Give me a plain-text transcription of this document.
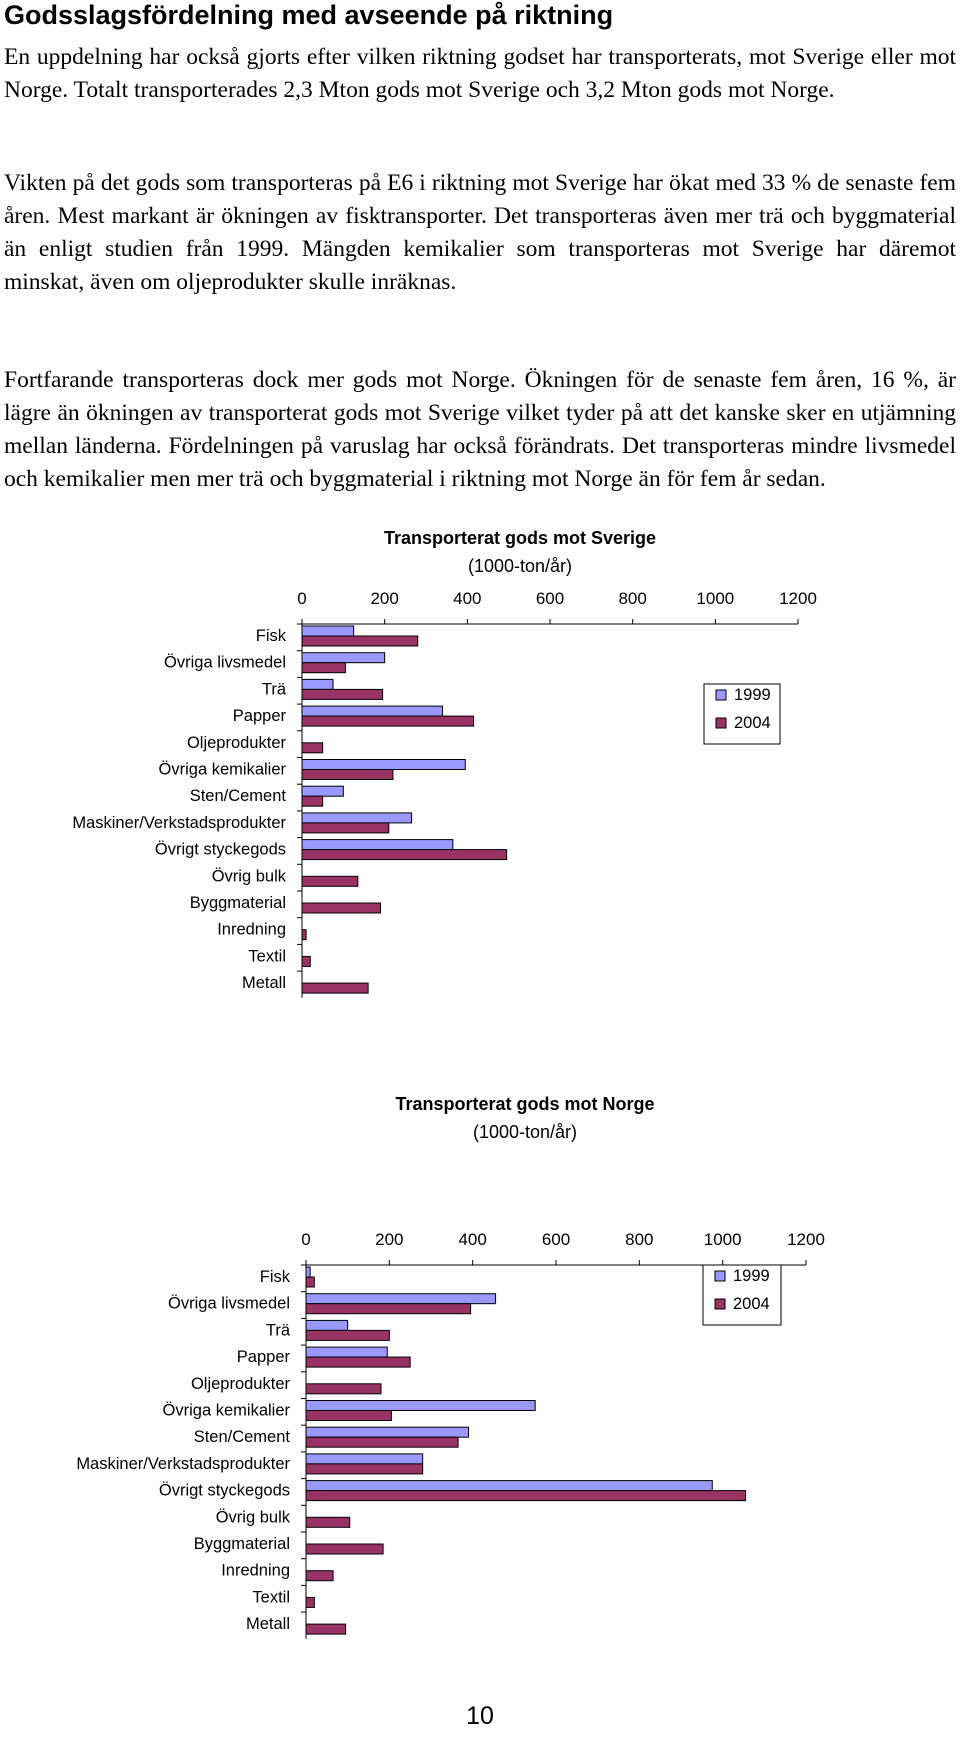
Godsslagsfördelning med avseende på riktning

En uppdelning har också gjorts efter vilken riktning godset har transporterats, mot Sverige eller mot Norge. Totalt transporterades 2,3 Mton gods mot Sverige och 3,2 Mton gods mot Norge.

Vikten på det gods som transporteras på E6 i riktning mot Sverige har ökat med 33 % de senaste fem åren. Mest markant är ökningen av fisktransporter. Det transporteras även mer trä och byggmaterial än enligt studien från 1999. Mängden kemikalier som transporteras mot Sverige har däremot minskat, även om oljeprodukter skulle inräknas.

Fortfarande transporteras dock mer gods mot Norge. Ökningen för de senaste fem åren, 16 %, är lägre än ökningen av transporterat gods mot Sverige vilket tyder på att det kanske sker en utjämning mellan länderna. Fördelningen på varuslag har också förändrats. Det transporteras mindre livsmedel och kemikalier men mer trä och byggmaterial i riktning mot Norge än för fem år sedan.

Transporterat gods mot Sverige
(1000-ton/år)
0	200	400	600	800	1000	1200
Fisk
Övriga livsmedel
Trä
Papper
Oljeprodukter
Övriga kemikalier
Sten/Cement
Maskiner/Verkstadsprodukter
Övrigt styckegods
Övrig bulk
Byggmaterial
Inredning
Textil
Metall
1999
2004
Transporterat gods mot Norge
(1000-ton/år)
0	200	400	600	800	1000	1200
Fisk
Övriga livsmedel
Trä
Papper
Oljeprodukter
Övriga kemikalier
Sten/Cement
Maskiner/Verkstadsprodukter
Övrigt styckegods
Övrig bulk
Byggmaterial
Inredning
Textil
Metall
1999
2004
10
